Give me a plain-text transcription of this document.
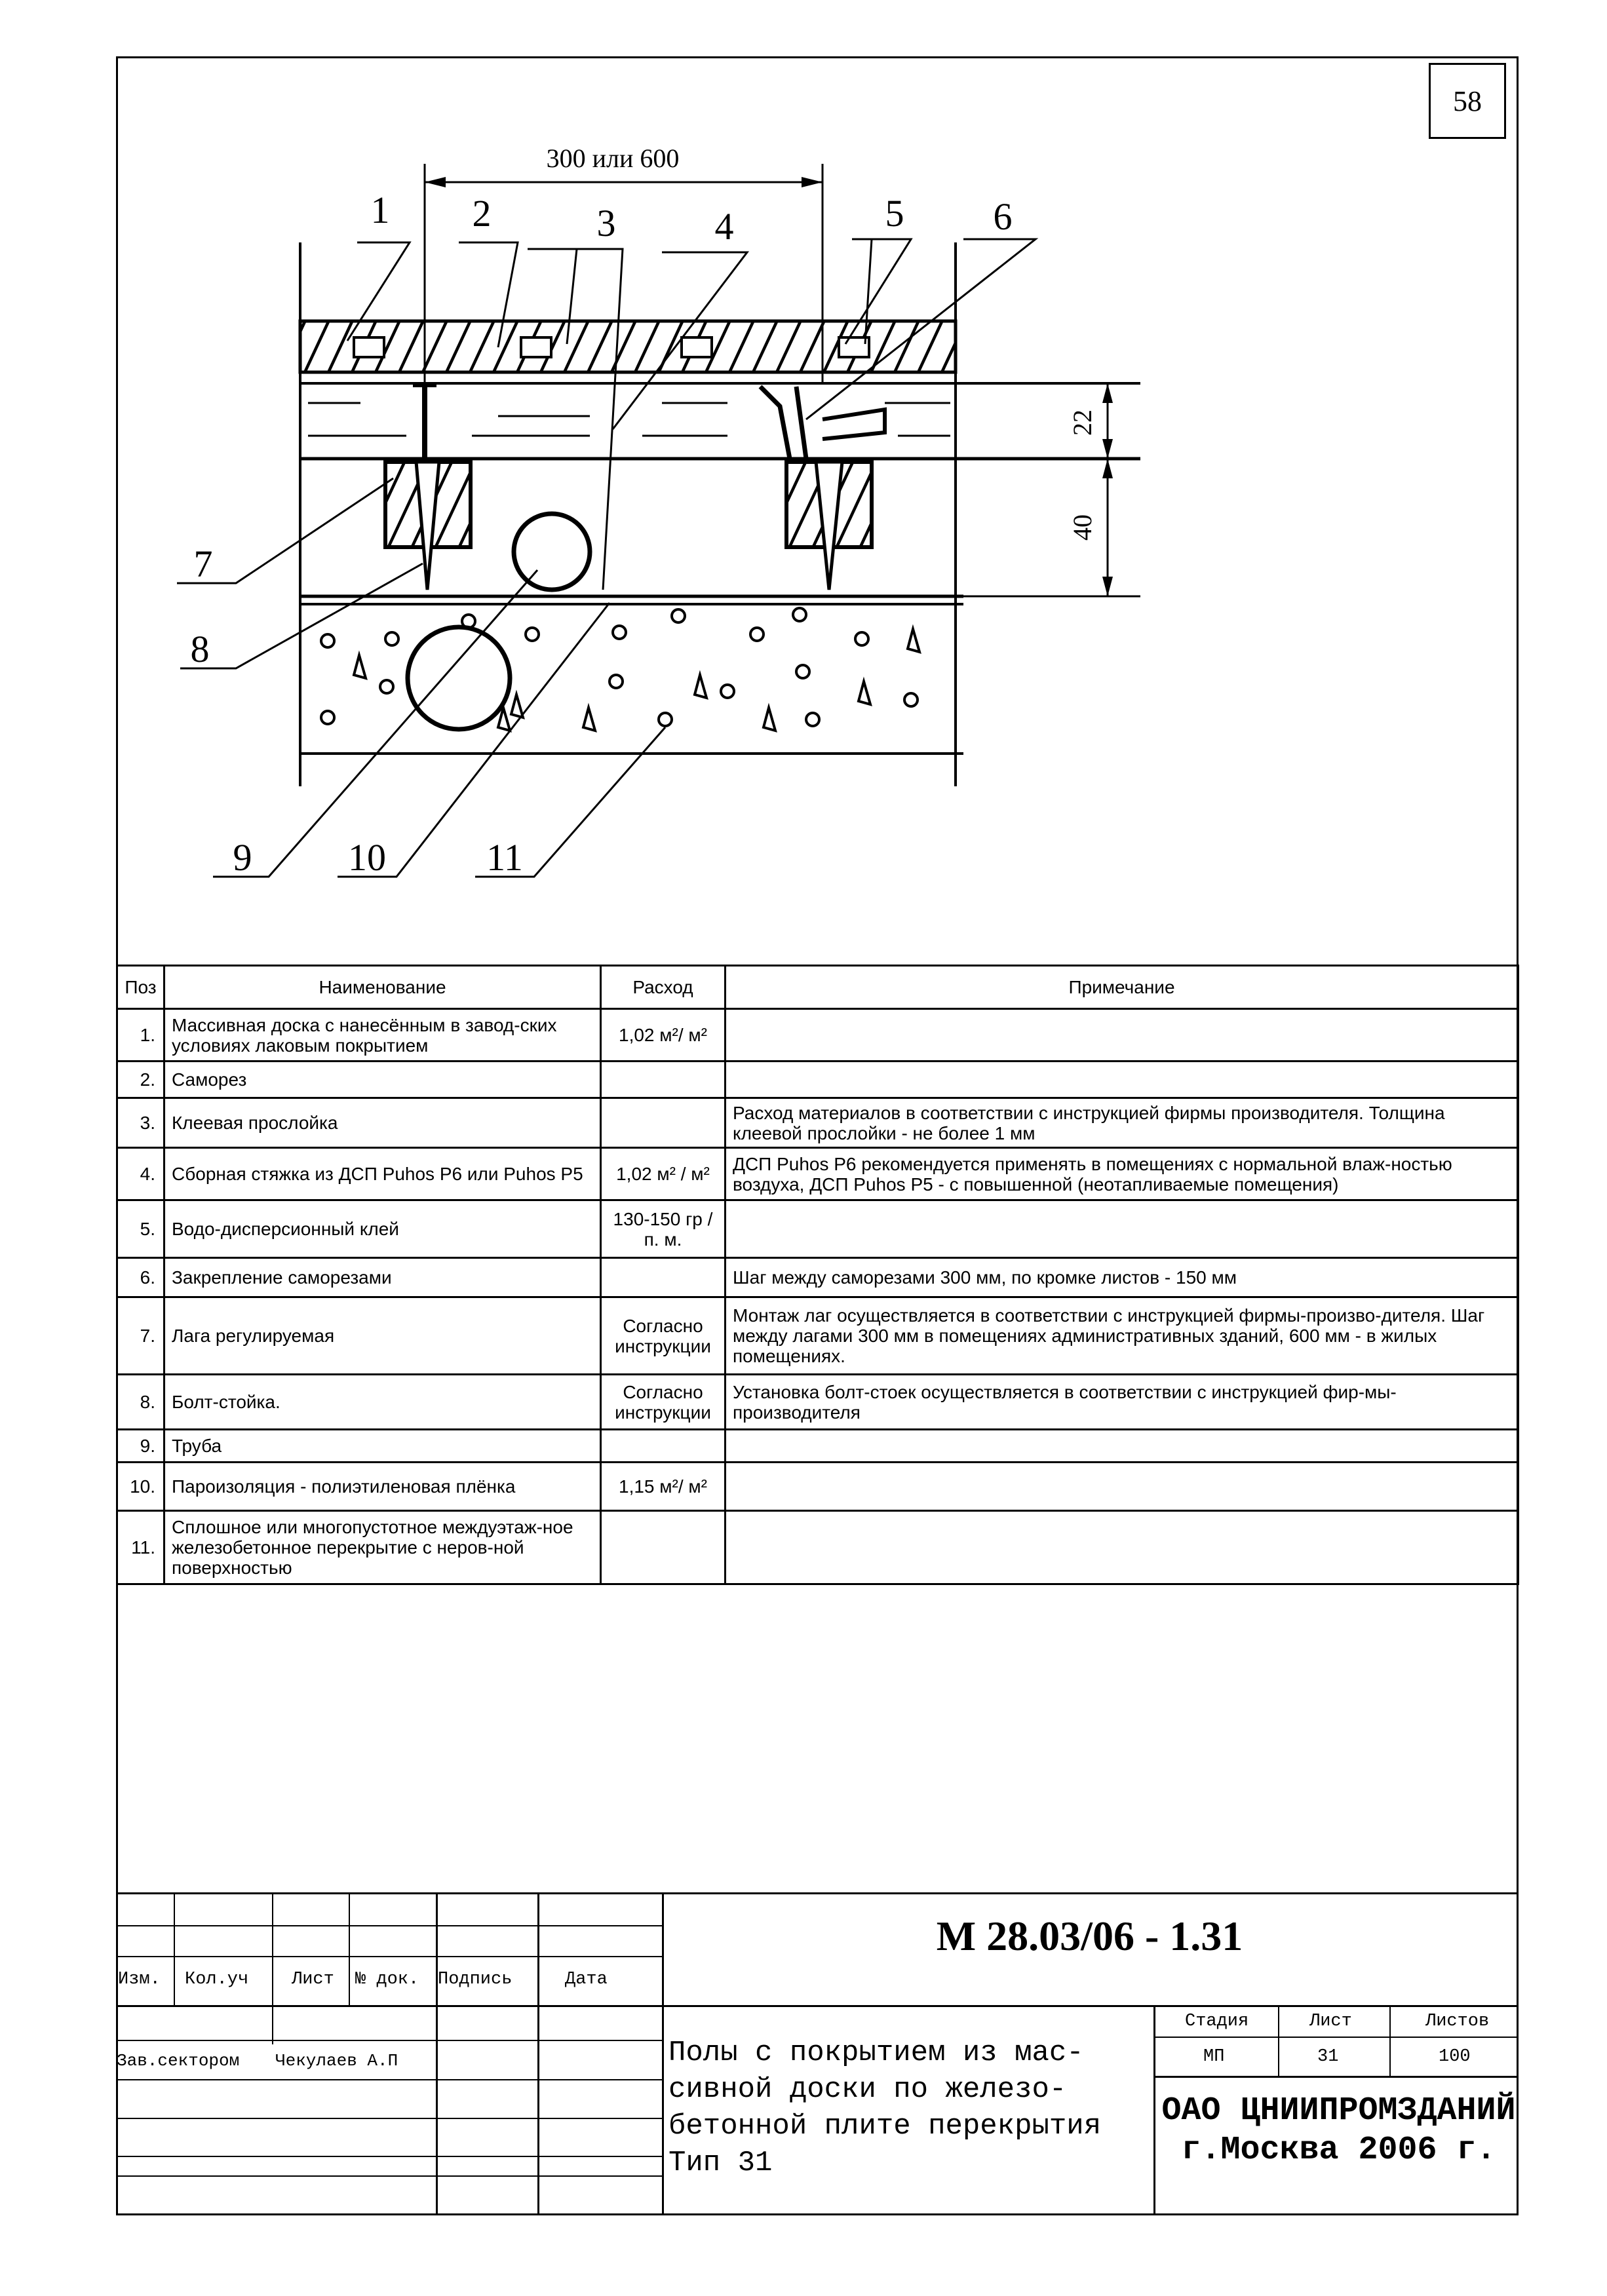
58
300 или 600
22
40
1 2	3	4	5 6
7
8
9	10	11
Поз	Наименование	Расход	Примечание
1.	Массивная доска с нанесённым в завод-ских условиях лаковым покрытием	1,02 м²/ м²	
2.	Саморез		
3.	Клеевая прослойка		Расход материалов в соответствии с инструкцией фирмы производителя. Толщина клеевой прослойки - не более 1 мм
4.	Сборная стяжка из ДСП Puhos P6 или Puhos P5	1,02 м² / м²	ДСП Puhos P6 рекомендуется применять в помещениях с нормальной влаж-ностью воздуха, ДСП Puhos P5 - с повышенной (неотапливаемые помещения)
5.	Водо-дисперсионный клей	130-150 гр /п. м.	
6.	Закрепление саморезами		Шаг между саморезами 300 мм, по кромке листов - 150 мм
7.	Лага регулируемая	Согласно инструкции	Монтаж лаг осуществляется в соответствии с инструкцией фирмы-произво-дителя. Шаг между лагами 300 мм в помещениях административных зданий, 600 мм - в жилых помещениях.
8.	Болт-стойка.	Согласно инструкции	Установка болт-стоек осуществляется в соответствии с инструкцией фир-мы-производителя
9.	Труба		
10.	Пароизоляция - полиэтиленовая плёнка	1,15 м²/ м²	
11.	Сплошное или многопустотное междуэтаж-ное железобетонное перекрытие с неров-ной поверхностью		
Изм. Кол.уч Лист № док. Подпись	Дата
Зав.сектором Чекулаев А.П
М 28.03/06 - 1.31
Полы с покрытием из мас-
сивной доски по железо-
бетонной плите перекрытия
Тип 31
Стадия	Лист	Листов
МП	31	100
ОАО ЦНИИПРОМЗДАНИЙ
г.Москва 2006 г.
